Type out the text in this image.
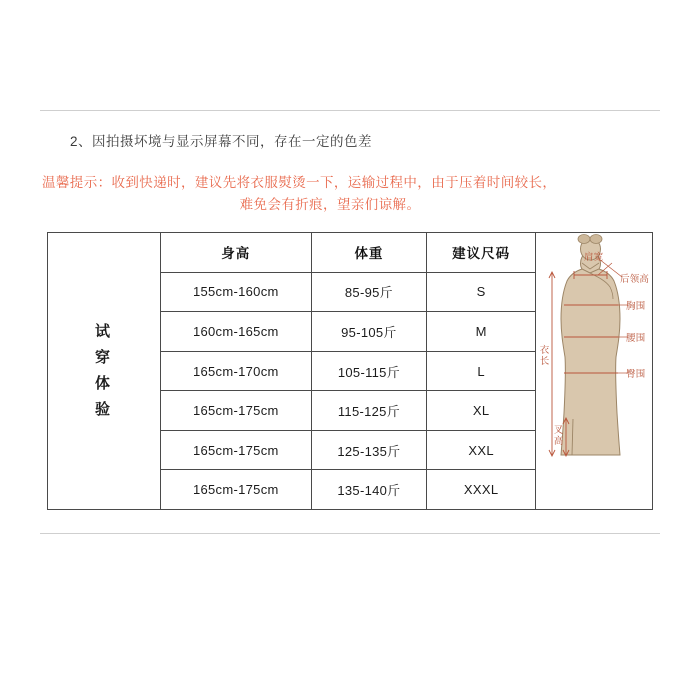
2、因拍摄坏境与显示屏幕不同，存在一定的色差
温馨提示：收到快递时，建议先将衣服熨烫一下，运输过程中，由于压着时间较长，
难免会有折痕，望亲们谅解。
试穿体验
身高	体重	建议尺码
155cm-160cm	85-95斤	S
160cm-165cm	95-105斤	M
165cm-170cm	105-115斤	L
165cm-175cm	115-125斤	XL
165cm-175cm	125-135斤	XXL
165cm-175cm	135-140斤	XXXL
肩宽
后领高
胸围
腰围
臀围
衣长
叉高
